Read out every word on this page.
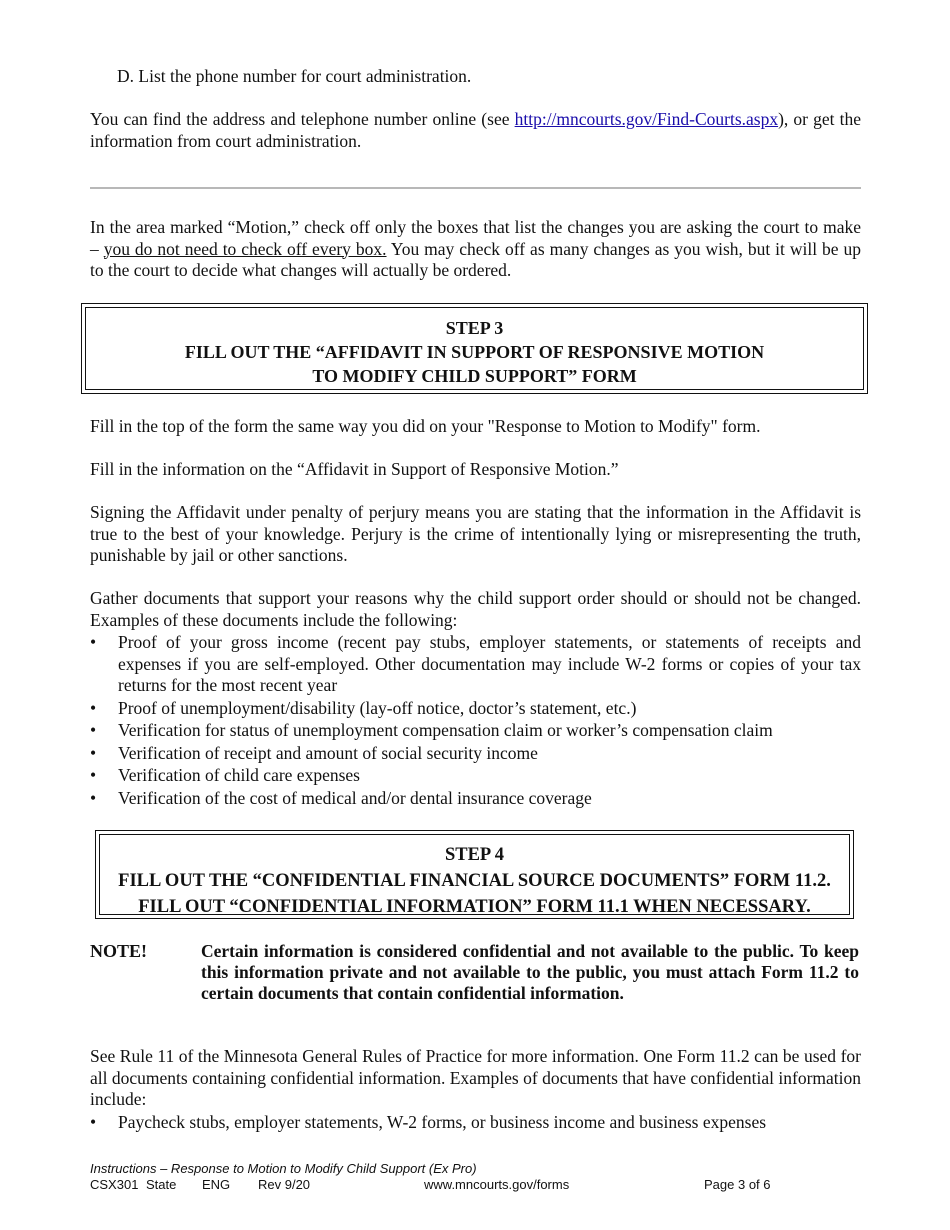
D. List the phone number for court administration.
You can find the address and telephone number online (see http://mncourts.gov/Find-Courts.aspx), or get the information from court administration.
In the area marked “Motion,” check off only the boxes that list the changes you are asking the court to make – you do not need to check off every box. You may check off as many changes as you wish, but it will be up to the court to decide what changes will actually be ordered.
STEP 3
FILL OUT THE “AFFIDAVIT IN SUPPORT OF RESPONSIVE MOTION
TO MODIFY CHILD SUPPORT” FORM
Fill in the top of the form the same way you did on your "Response to Motion to Modify" form.
Fill in the information on the “Affidavit in Support of Responsive Motion.”
Signing the Affidavit under penalty of perjury means you are stating that the information in the Affidavit is true to the best of your knowledge. Perjury is the crime of intentionally lying or misrepresenting the truth, punishable by jail or other sanctions.
Gather documents that support your reasons why the child support order should or should not be changed. Examples of these documents include the following:
• Proof of your gross income (recent pay stubs, employer statements, or statements of receipts and expenses if you are self-employed. Other documentation may include W-2 forms or copies of your tax returns for the most recent year
• Proof of unemployment/disability (lay-off notice, doctor’s statement, etc.)
• Verification for status of unemployment compensation claim or worker’s compensation claim
• Verification of receipt and amount of social security income
• Verification of child care expenses
• Verification of the cost of medical and/or dental insurance coverage
STEP 4
FILL OUT THE “CONFIDENTIAL FINANCIAL SOURCE DOCUMENTS” FORM 11.2.
FILL OUT “CONFIDENTIAL INFORMATION” FORM 11.1 WHEN NECESSARY.
NOTE!	Certain information is considered confidential and not available to the public. To keep this information private and not available to the public, you must attach Form 11.2 to certain documents that contain confidential information.
See Rule 11 of the Minnesota General Rules of Practice for more information. One Form 11.2 can be used for all documents containing confidential information. Examples of documents that have confidential information include:
• Paycheck stubs, employer statements, W-2 forms, or business income and business expenses
Instructions – Response to Motion to Modify Child Support (Ex Pro)
CSX301 State ENG Rev 9/20	www.mncourts.gov/forms	Page 3 of 6
